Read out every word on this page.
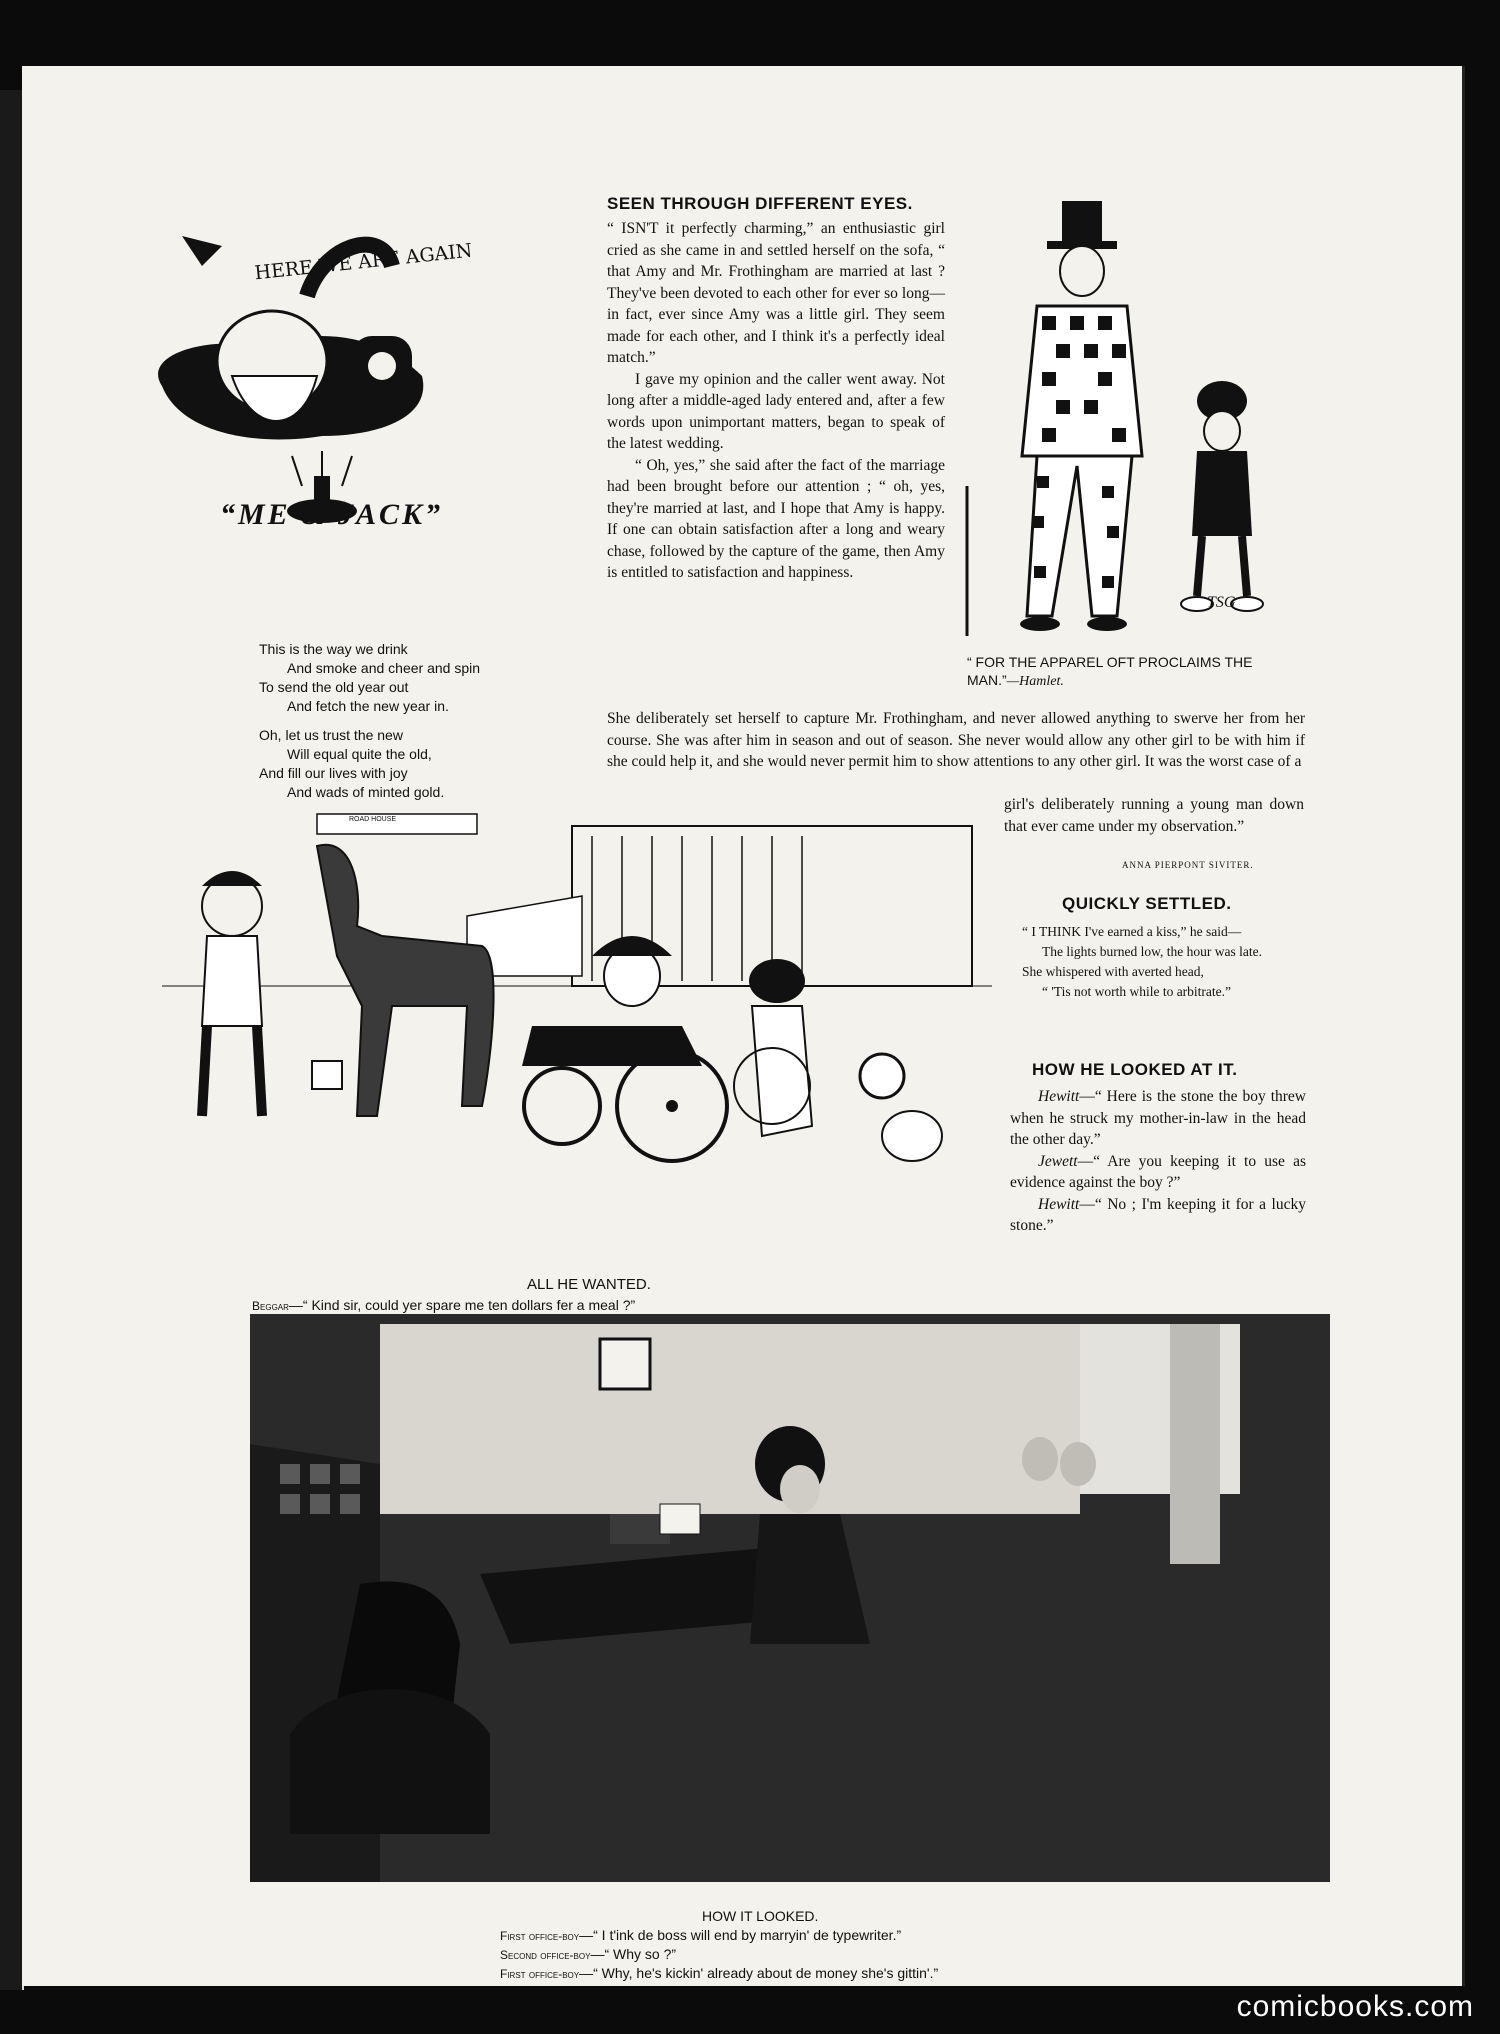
HERE WE ARE AGAIN
“ME & JACK”
This is the way we drink
And smoke and cheer and spin
To send the old year out
And fetch the new year in.
Oh, let us trust the new
Will equal quite the old,
And fill our lives with joy
And wads of minted gold.
SEEN THROUGH DIFFERENT EYES.

“ ISN'T it perfectly charming,” an enthusiastic girl cried as she came in and settled herself on the sofa, “ that Amy and Mr. Frothingham are married at last ? They've been devoted to each other for ever so long—in fact, ever since Amy was a little girl. They seem made for each other, and I think it's a perfectly ideal match.”

I gave my opinion and the caller went away. Not long after a middle-aged lady entered and, after a few words upon unimportant matters, began to speak of the latest wedding.

“ Oh, yes,” she said after the fact of the marriage had been brought before our attention ; “ oh, yes, they're married at last, and I hope that Amy is happy. If one can obtain satisfaction after a long and weary chase, followed by the capture of the game, then Amy is entitled to satisfaction and happiness.

She deliberately set herself to capture Mr. Frothingham, and never allowed anything to swerve her from her course. She was after him in season and out of season. She never would allow any other girl to be with him if she could help it, and she would never permit him to show attentions to any other girl. It was the worst case of a
girl's deliberately running a young man down that ever came under my observation.”
ANNA PIERPONT SIVITER.
TSG
“ FOR THE APPAREL OFT PROCLAIMS THE MAN.”—Hamlet.
ROAD HOUSE
ALL HE WANTED.
Beggar—“ Kind sir, could yer spare me ten dollars fer a meal ?”
QUICKLY SETTLED.
“ I THINK I've earned a kiss,” he said—
The lights burned low, the hour was late.
She whispered with averted head,
“ 'Tis not worth while to arbitrate.”
HOW HE LOOKED AT IT.

Hewitt—“ Here is the stone the boy threw when he struck my mother-in-law in the head the other day.”

Jewett—“ Are you keeping it to use as evidence against the boy ?”

Hewitt—“ No ; I'm keeping it for a lucky stone.”

HOW IT LOOKED.
First office-boy—“ I t'ink de boss will end by marryin' de typewriter.”
Second office-boy—“ Why so ?”
First office-boy—“ Why, he's kickin' already about de money she's gittin'.”
comicbooks.com
